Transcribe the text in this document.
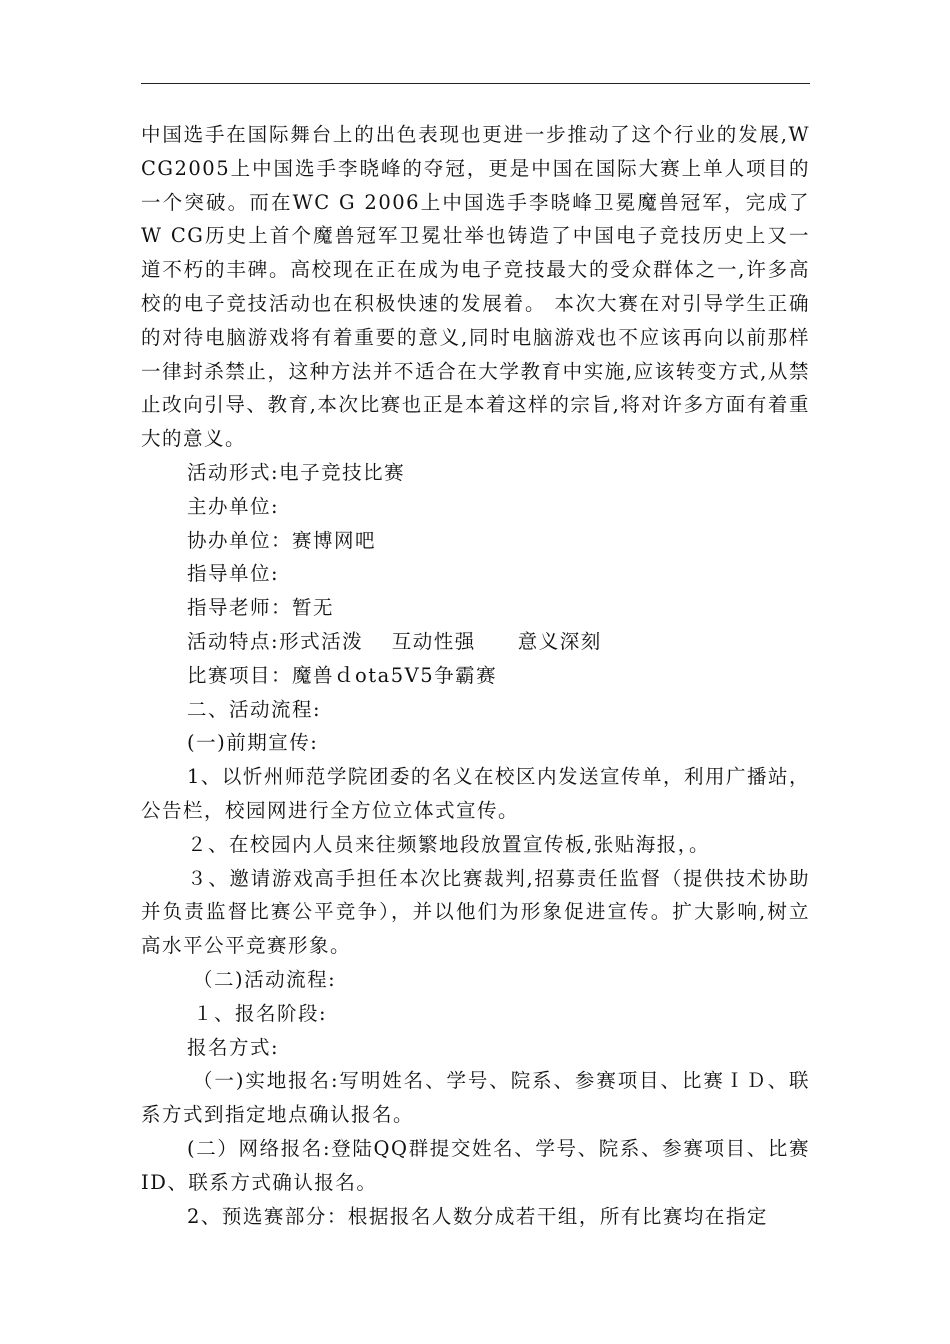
中国选手在国际舞台上的出色表现也更进一步推动了这个行业的发展,WCG2005上中国选手李晓峰的夺冠，更是中国在国际大赛上单人项目的一个突破。而在WC G 2006上中国选手李晓峰卫冕魔兽冠军，完成了W CG历史上首个魔兽冠军卫冕壮举也铸造了中国电子竞技历史上又一道不朽的丰碑。高校现在正在成为电子竞技最大的受众群体之一,许多高校的电子竞技活动也在积极快速的发展着。 本次大赛在对引导学生正确的对待电脑游戏将有着重要的意义,同时电脑游戏也不应该再向以前那样一律封杀禁止，这种方法并不适合在大学教育中实施,应该转变方式,从禁止改向引导、教育,本次比赛也正是本着这样的宗旨,将对许多方面有着重大的意义。

活动形式:电子竞技比赛

主办单位:

协办单位：赛博网吧

指导单位:

指导老师：暂无

活动特点:形式活泼　 互动性强　　意义深刻

比赛项目：魔兽ｄota5V5争霸赛

二、活动流程:

(一)前期宣传:

1、以忻州师范学院团委的名义在校区内发送宣传单，利用广播站，公告栏，校园网进行全方位立体式宣传。

２、在校园内人员来往频繁地段放置宣传板,张贴海报，。

３、邀请游戏高手担任本次比赛裁判,招募责任监督（提供技术协助并负责监督比赛公平竞争），并以他们为形象促进宣传。扩大影响,树立高水平公平竞赛形象。

（二)活动流程:

１、报名阶段:

报名方式:

（一)实地报名:写明姓名、学号、院系、参赛项目、比赛ＩＤ、联系方式到指定地点确认报名。

(二）网络报名:登陆QQ群提交姓名、学号、院系、参赛项目、比赛ID、联系方式确认报名。

2、预选赛部分：根据报名人数分成若干组，所有比赛均在指定
